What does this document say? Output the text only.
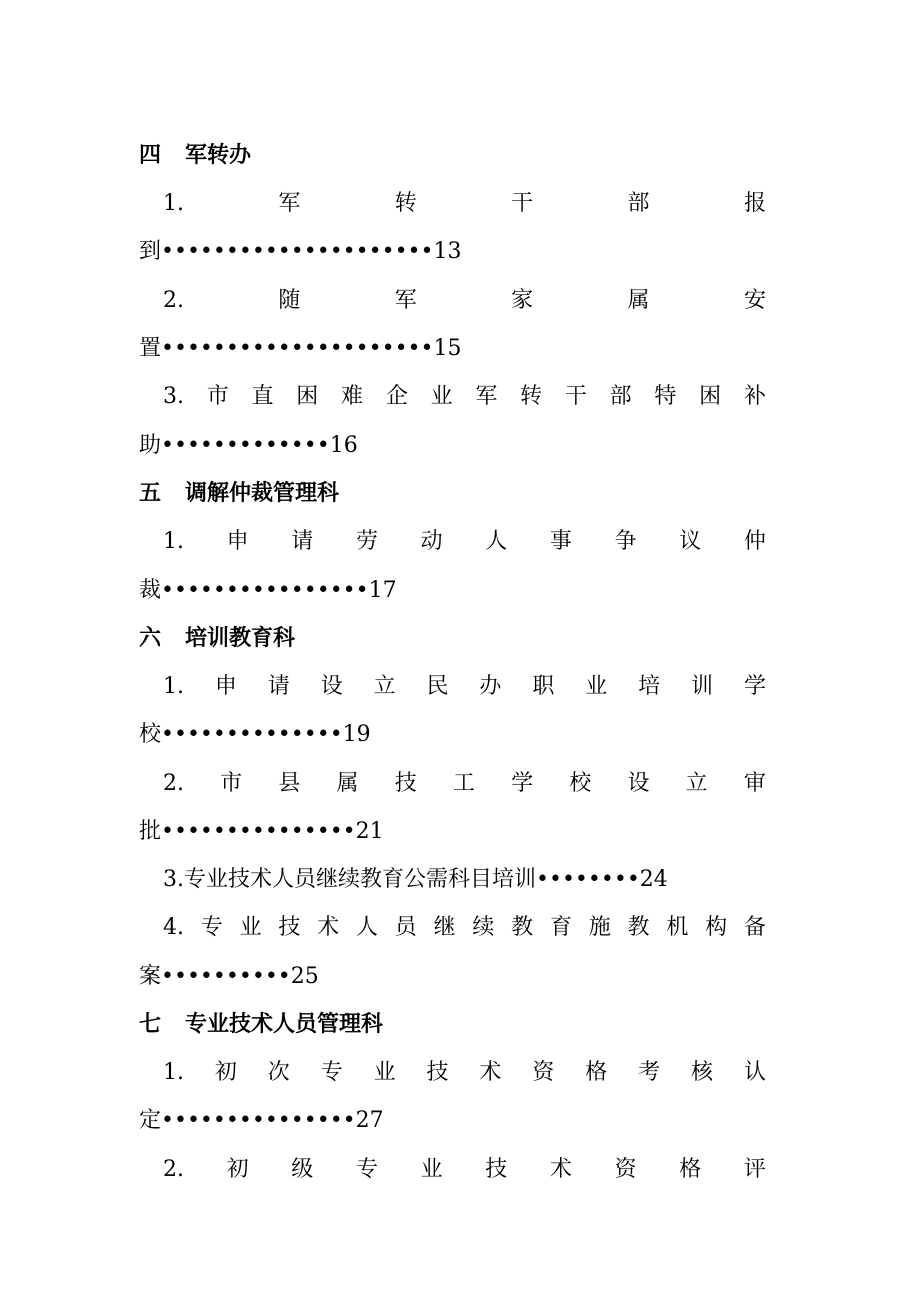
四 军转办
1.	军	转	干	部	报
到•••••••••••••••••••••13
2.	随	军	家	属	安
置•••••••••••••••••••••15
3. 市 直 困 难 企 业 军 转 干 部 特 困 补
助•••••••••••••16
五 调解仲裁管理科
1. 申 请 劳 动 人 事 争 议 仲
裁••••••••••••••••17
六 培训教育科
1. 申 请 设 立 民 办 职 业 培 训 学
校••••••••••••••19
2. 市 县 属 技 工 学 校 设 立 审
批•••••••••••••••21
3.专业技术人员继续教育公需科目培训••••••••24
4. 专 业 技 术 人 员 继 续 教 育 施 教 机 构 备
案••••••••••25
七 专业技术人员管理科
1. 初 次 专 业 技 术 资 格 考 核 认
定•••••••••••••••27
2. 初 级 专 业 技 术 资 格 评
